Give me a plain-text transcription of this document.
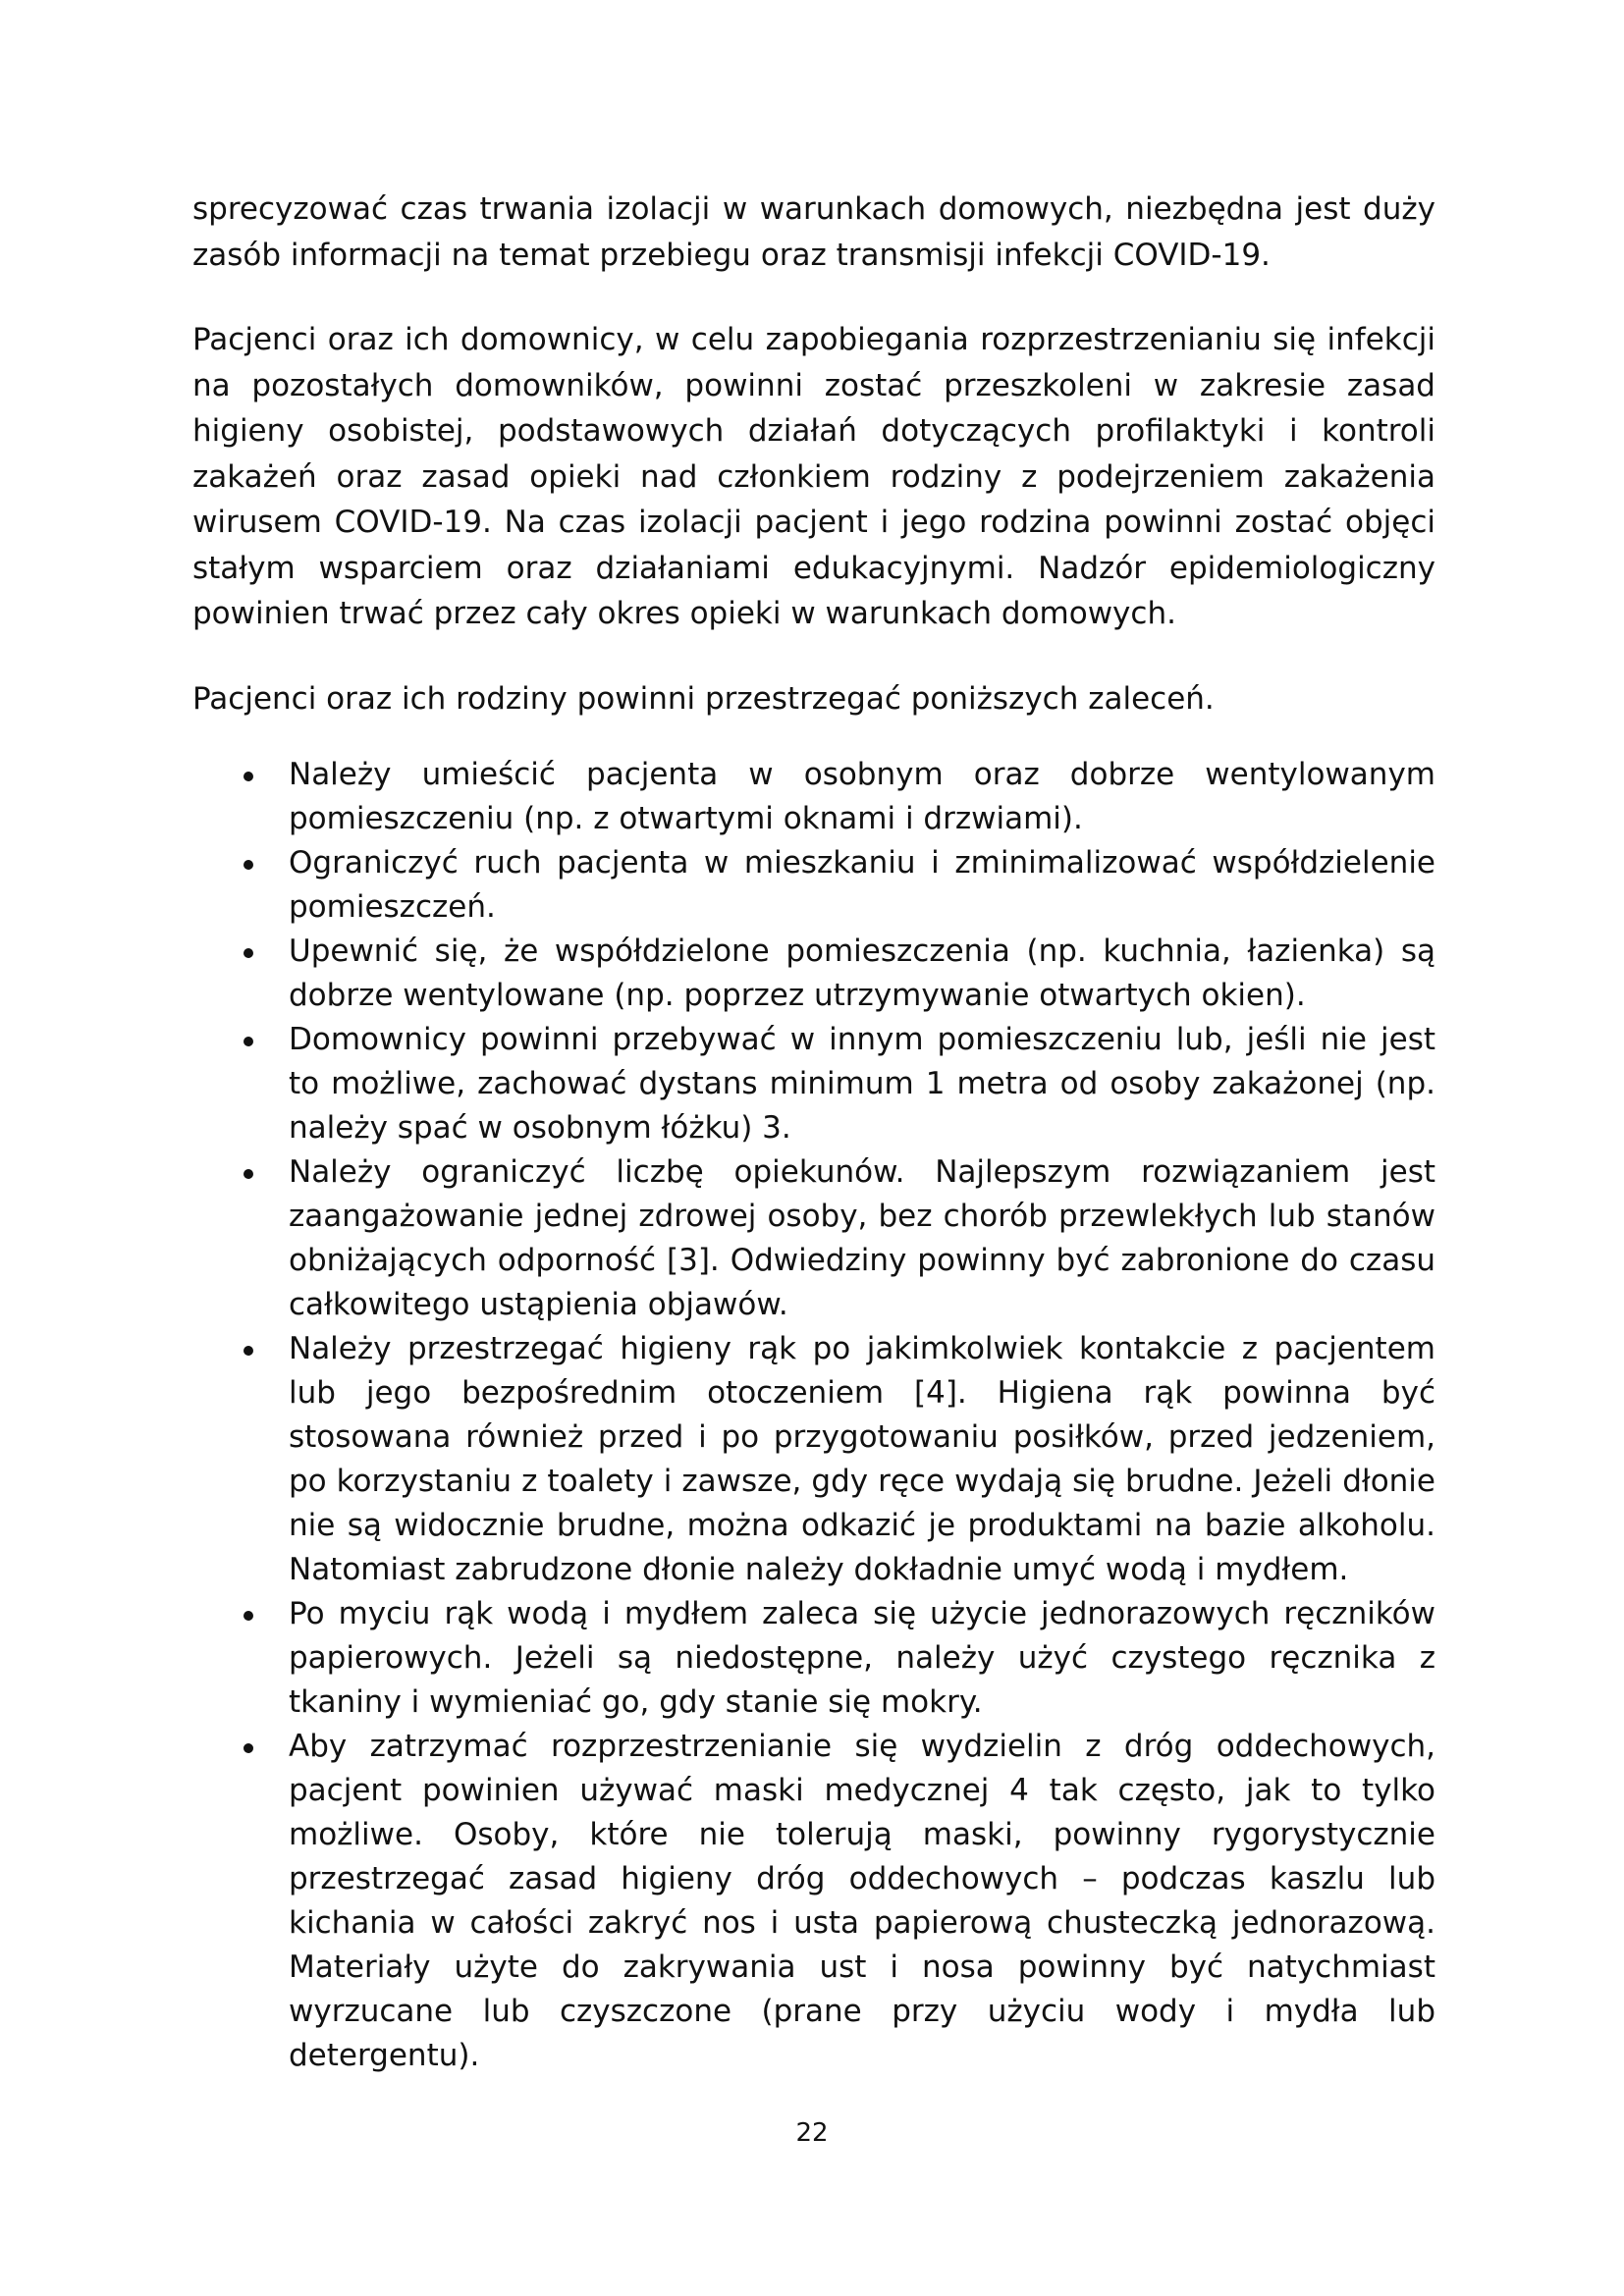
sprecyzować czas trwania izolacji w warunkach domowych, niezbędna jest duży zasób informacji na temat przebiegu oraz transmisji infekcji COVID-19.

Pacjenci oraz ich domownicy, w celu zapobiegania rozprzestrzenianiu się infekcji na pozostałych domowników, powinni zostać przeszkoleni w zakresie zasad higieny osobistej, podstawowych działań dotyczących profilaktyki i kontroli zakażeń oraz zasad opieki nad członkiem rodziny z podejrzeniem zakażenia wirusem COVID-19. Na czas izolacji pacjent i jego rodzina powinni zostać objęci stałym wsparciem oraz działaniami edukacyjnymi. Nadzór epidemiologiczny powinien trwać przez cały okres opieki w warunkach domowych.

Pacjenci oraz ich rodziny powinni przestrzegać poniższych zaleceń.

Należy umieścić pacjenta w osobnym oraz dobrze wentylowanym pomieszczeniu (np. z otwartymi oknami i drzwiami).
Ograniczyć ruch pacjenta w mieszkaniu i zminimalizować współdzielenie pomieszczeń.
Upewnić się, że współdzielone pomieszczenia (np. kuchnia, łazienka) są dobrze wentylowane (np. poprzez utrzymywanie otwartych okien).
Domownicy powinni przebywać w innym pomieszczeniu lub, jeśli nie jest to możliwe, zachować dystans minimum 1 metra od osoby zakażonej (np. należy spać w osobnym łóżku) 3.
Należy ograniczyć liczbę opiekunów. Najlepszym rozwiązaniem jest zaangażowanie jednej zdrowej osoby, bez chorób przewlekłych lub stanów obniżających odporność [3]. Odwiedziny powinny być zabronione do czasu całkowitego ustąpienia objawów.
Należy przestrzegać higieny rąk po jakimkolwiek kontakcie z pacjentem lub jego bezpośrednim otoczeniem [4]. Higiena rąk powinna być stosowana również przed i po przygotowaniu posiłków, przed jedzeniem, po korzystaniu z toalety i zawsze, gdy ręce wydają się brudne. Jeżeli dłonie nie są widocznie brudne, można odkazić je produktami na bazie alkoholu. Natomiast zabrudzone dłonie należy dokładnie umyć wodą i mydłem.
Po myciu rąk wodą i mydłem zaleca się użycie jednorazowych ręczników papierowych. Jeżeli są niedostępne, należy użyć czystego ręcznika z tkaniny i wymieniać go, gdy stanie się mokry.
Aby zatrzymać rozprzestrzenianie się wydzielin z dróg oddechowych, pacjent powinien używać maski medycznej 4 tak często, jak to tylko możliwe. Osoby, które nie tolerują maski, powinny rygorystycznie przestrzegać zasad higieny dróg oddechowych – podczas kaszlu lub kichania w całości zakryć nos i usta papierową chusteczką jednorazową. Materiały użyte do zakrywania ust i nosa powinny być natychmiast wyrzucane lub czyszczone (prane przy użyciu wody i mydła lub detergentu).
22
